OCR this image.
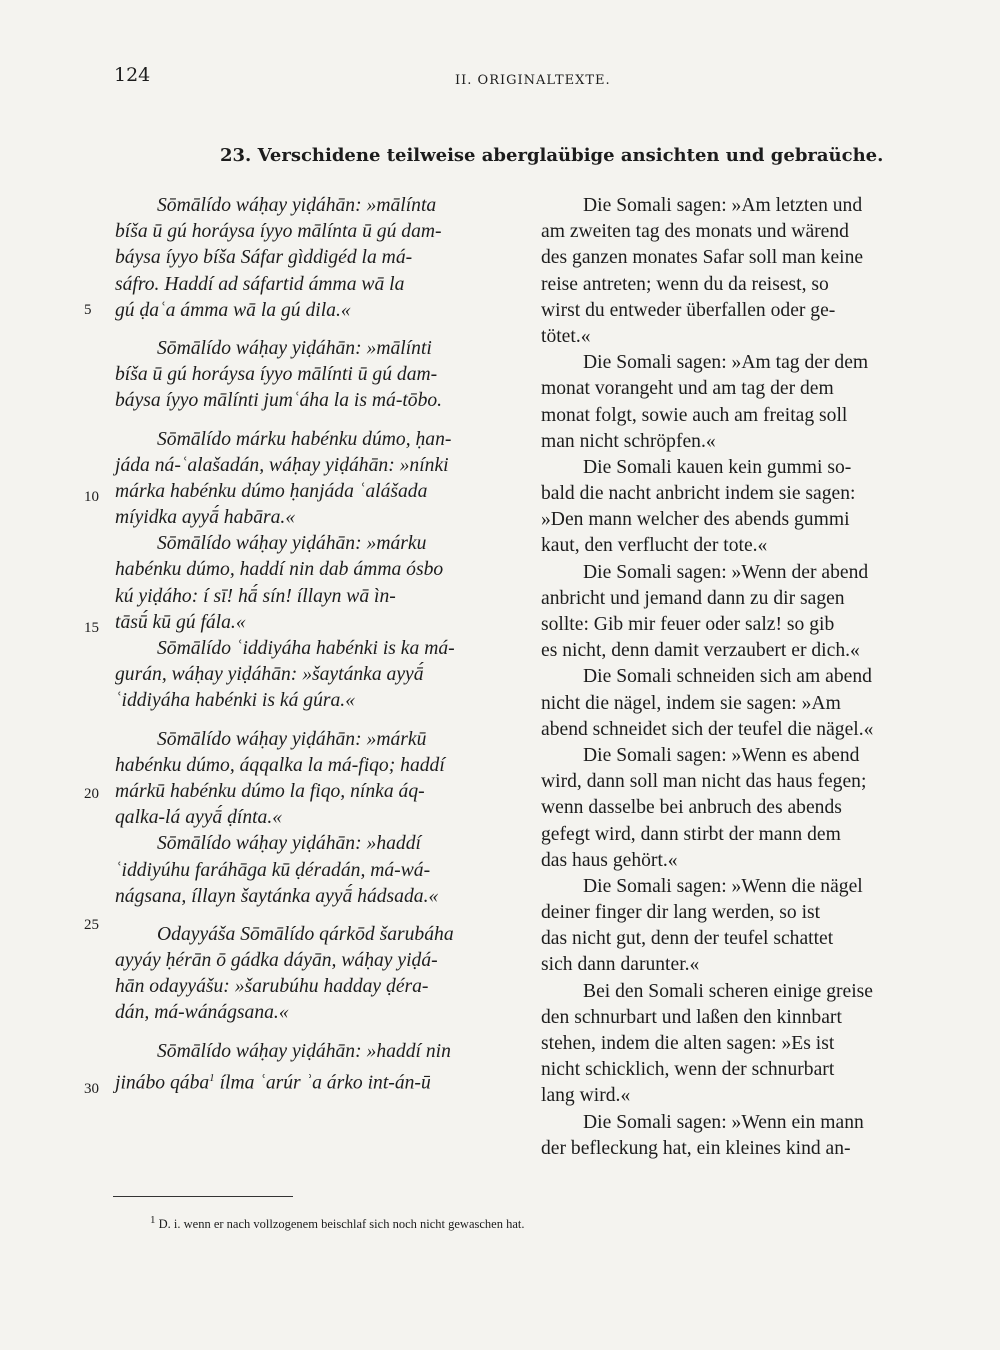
124	II. ORIGINALTEXTE.
23. Verschidene teilweise aberglaübige ansichten und gebraüche.
5
10
15
20
25
30
Sōmālído wáḥay yiḍáhān: »mālínta
bíša ū gú horáysa íyyo mālínta ū gú dam-
báysa íyyo bíša Sáfar gìddigéd la má-
sáfro. Haddí ad sáfartid ámma wā la
gú ḍaʿa ámma wā la gú dila.«
Sōmālído wáḥay yiḍáhān: »mālínti
bíša ū gú horáysa íyyo mālínti ū gú dam-
báysa íyyo mālínti jumʿáha la is má-tōbo.
Sōmālído márku habénku dúmo, ḥan-
jáda ná-ʿalašadán, wáḥay yiḍáhān: »nínki
márka habénku dúmo ḥanjáda ʿalášada
míyidka ayyā́ habāra.«
Sōmālído wáḥay yiḍáhān: »márku
habénku dúmo, haddí nin dab ámma ósbo
kú yiḍáho: í sī! hā́ sín! íllayn wā ìn-
tāsū́ kū gú fála.«
Sōmālído ʿiddiyáha habénki is ka má-
gurán, wáḥay yiḍáhān: »šaytánka ayyā́
ʿiddiyáha habénki is ká gúra.«
Sōmālído wáḥay yiḍáhān: »márkū
habénku dúmo, áqqalka la má-fiqo; haddí
márkū habénku dúmo la fiqo, nínka áq-
qalka-lá ayyā́ ḍínta.«
Sōmālído wáḥay yiḍáhān: »haddí
ʿiddiyúhu faráhāga kū ḍéradán, má-wá-
nágsana, íllayn šaytánka ayyā́ hádsada.«
Odayyášа Sōmālído qárkōd šarubáha
ayyáy ḥérān ō gádka dáyān, wáḥay yiḍá-
hān odayyášu: »šarubúhu hadday ḍéra-
dán, má-wánágsana.«
Sōmālído wáḥay yiḍáhān: »haddí nin
jinábo qába$^1$ ílma ʿarúr ʾa árko int-án-ū
Die Somali sagen: »Am letzten und
am zweiten tag des monats und wärend
des ganzen monates Safar soll man keine
reise antreten; wenn du da reisest, so
wirst du entweder überfallen oder ge-
tötet.«
Die Somali sagen: »Am tag der dem
monat vorangeht und am tag der dem
monat folgt, sowie auch am freitag soll
man nicht schröpfen.«
Die Somali kauen kein gummi so-
bald die nacht anbricht indem sie sagen:
»Den mann welcher des abends gummi
kaut, den verflucht der tote.«
Die Somali sagen: »Wenn der abend
anbricht und jemand dann zu dir sagen
sollte: Gib mir feuer oder salz! so gib
es nicht, denn damit verzaubert er dich.«
Die Somali schneiden sich am abend
nicht die nägel, indem sie sagen: »Am
abend schneidet sich der teufel die nägel.«
Die Somali sagen: »Wenn es abend
wird, dann soll man nicht das haus fegen;
wenn dasselbe bei anbruch des abends
gefegt wird, dann stirbt der mann dem
das haus gehört.«
Die Somali sagen: »Wenn die nägel
deiner finger dir lang werden, so ist
das nicht gut, denn der teufel schattet
sich dann darunter.«
Bei den Somali scheren einige greise
den schnurbart und laßen den kinnbart
stehen, indem die alten sagen: »Es ist
nicht schicklich, wenn der schnurbart
lang wird.«
Die Somali sagen: »Wenn ein mann
der befleckung hat, ein kleines kind an-
$^1$ D. i. wenn er nach vollzogenem beischlaf sich noch nicht gewaschen hat.
